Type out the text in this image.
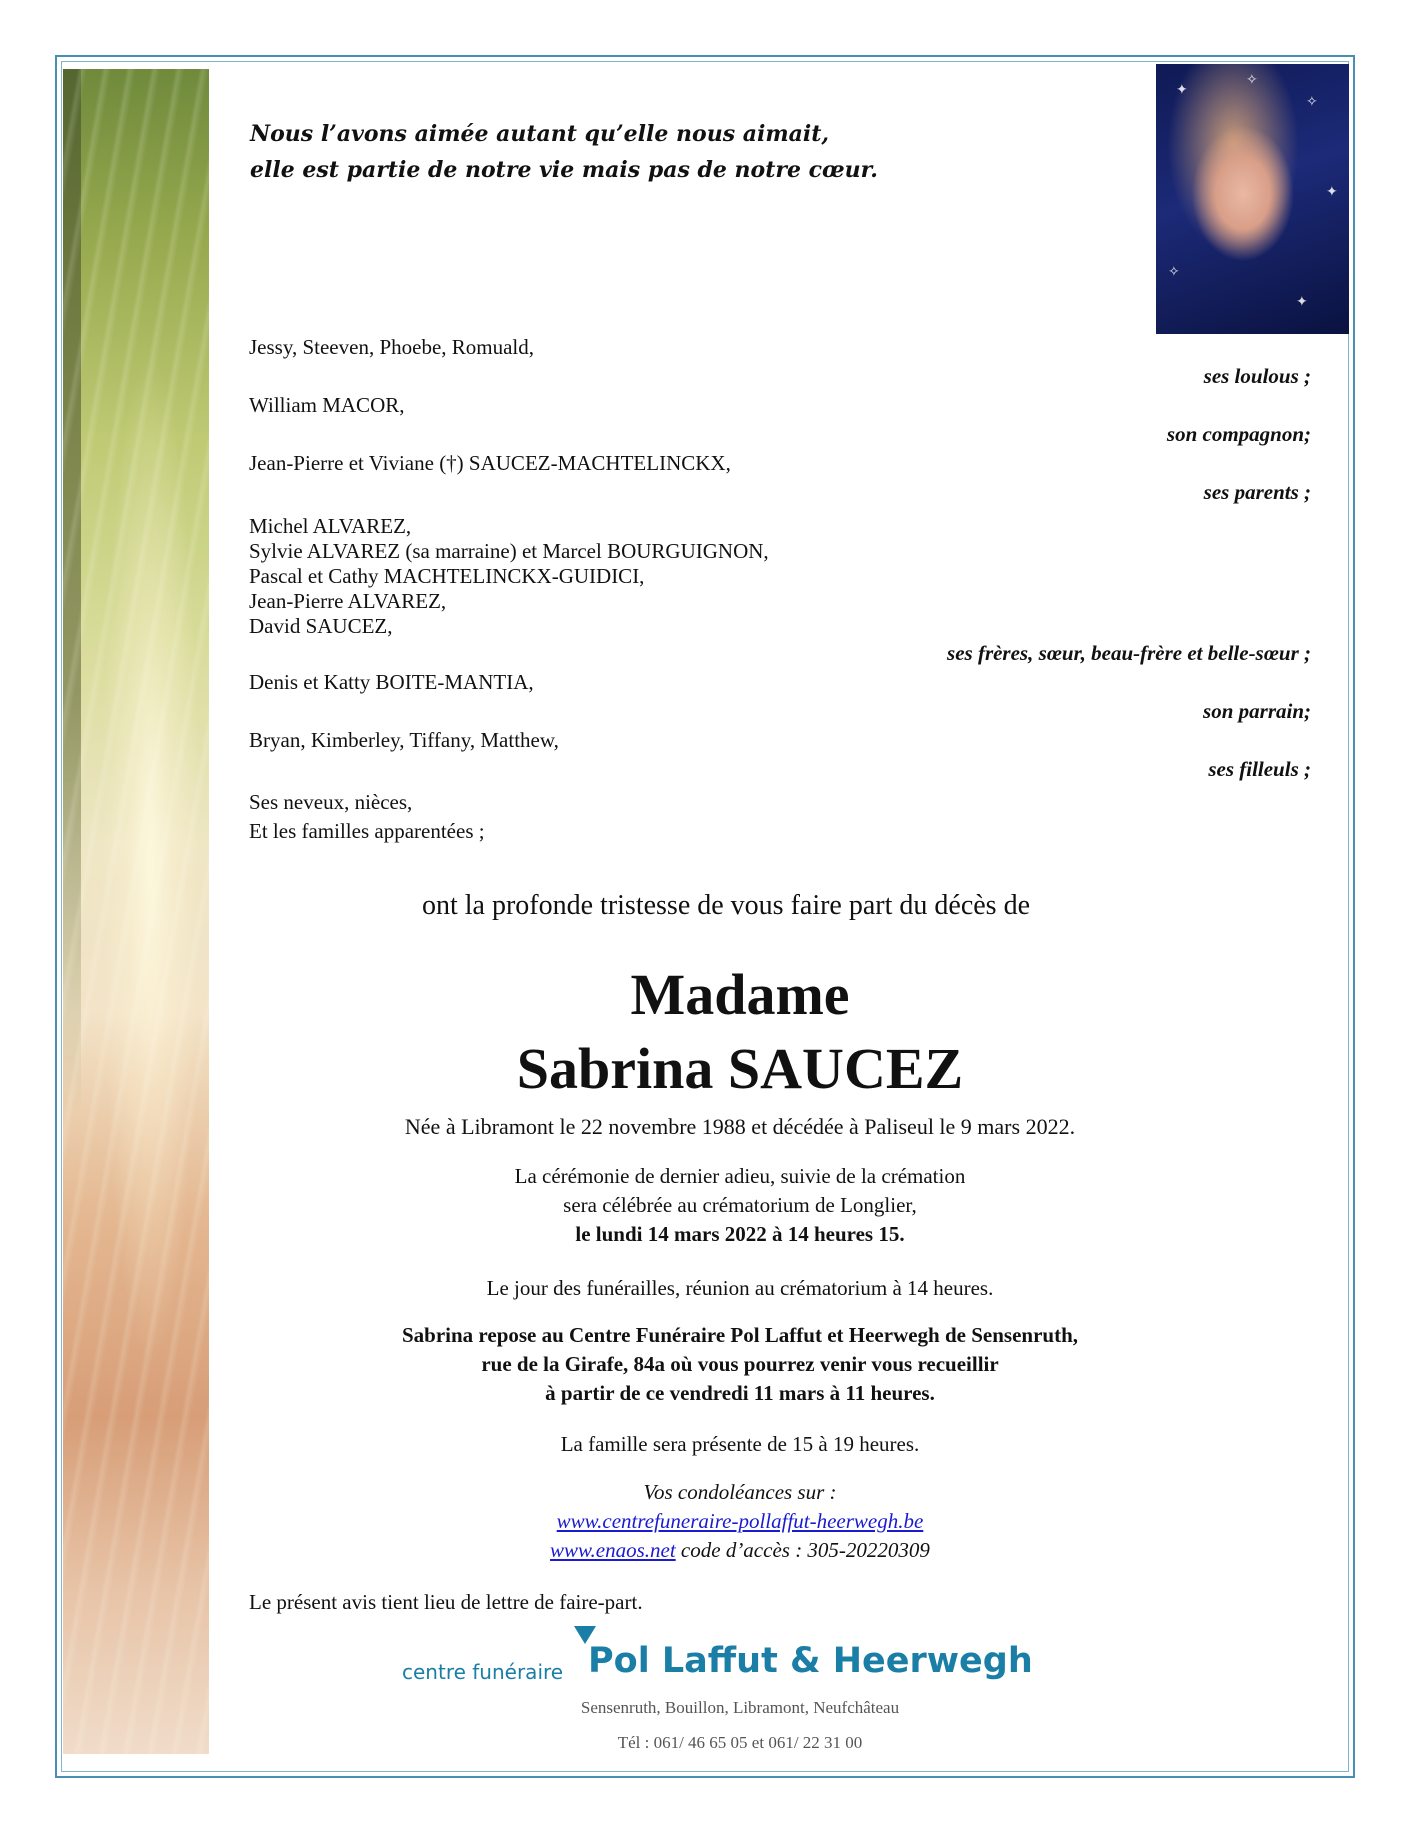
✦
✧
✦
✧
✦
✧
Nous l’avons aimée autant qu’elle nous aimait,
elle est partie de notre vie mais pas de notre cœur.
Jessy, Steeven, Phoebe, Romuald,
ses loulous ;
William MACOR,
son compagnon;
Jean-Pierre et Viviane (†) SAUCEZ-MACHTELINCKX,
ses parents ;
Michel ALVAREZ,
Sylvie ALVAREZ (sa marraine) et Marcel BOURGUIGNON,
Pascal et Cathy MACHTELINCKX-GUIDICI,
Jean-Pierre ALVAREZ,
David SAUCEZ,
ses frères, sœur, beau-frère et belle-sœur ;
Denis et Katty BOITE-MANTIA,
son parrain;
Bryan, Kimberley, Tiffany, Matthew,
ses filleuls ;
Ses neveux, nièces,
Et les familles apparentées ;
ont la profonde tristesse de vous faire part du décès de
Madame
Sabrina SAUCEZ
Née à Libramont le 22 novembre 1988 et décédée à Paliseul le 9 mars 2022.
La cérémonie de dernier adieu, suivie de la crémation
sera célébrée au crématorium de Longlier,
le lundi 14 mars 2022 à 14 heures 15.
Le jour des funérailles, réunion au crématorium à 14 heures.
Sabrina repose au Centre Funéraire Pol Laffut et Heerwegh de Sensenruth,
rue de la Girafe, 84a où vous pourrez venir vous recueillir
à partir de ce vendredi 11 mars à 11 heures.
La famille sera présente de 15 à 19 heures.
Vos condoléances sur :
www.centrefuneraire-pollaffut-heerwegh.be
www.enaos.net code d’accès : 305-20220309
Le présent avis tient lieu de lettre de faire-part.
centre funéraire Pol Laffut & Heerwegh
Sensenruth, Bouillon, Libramont, Neufchâteau
Tél : 061/ 46 65 05 et 061/ 22 31 00
